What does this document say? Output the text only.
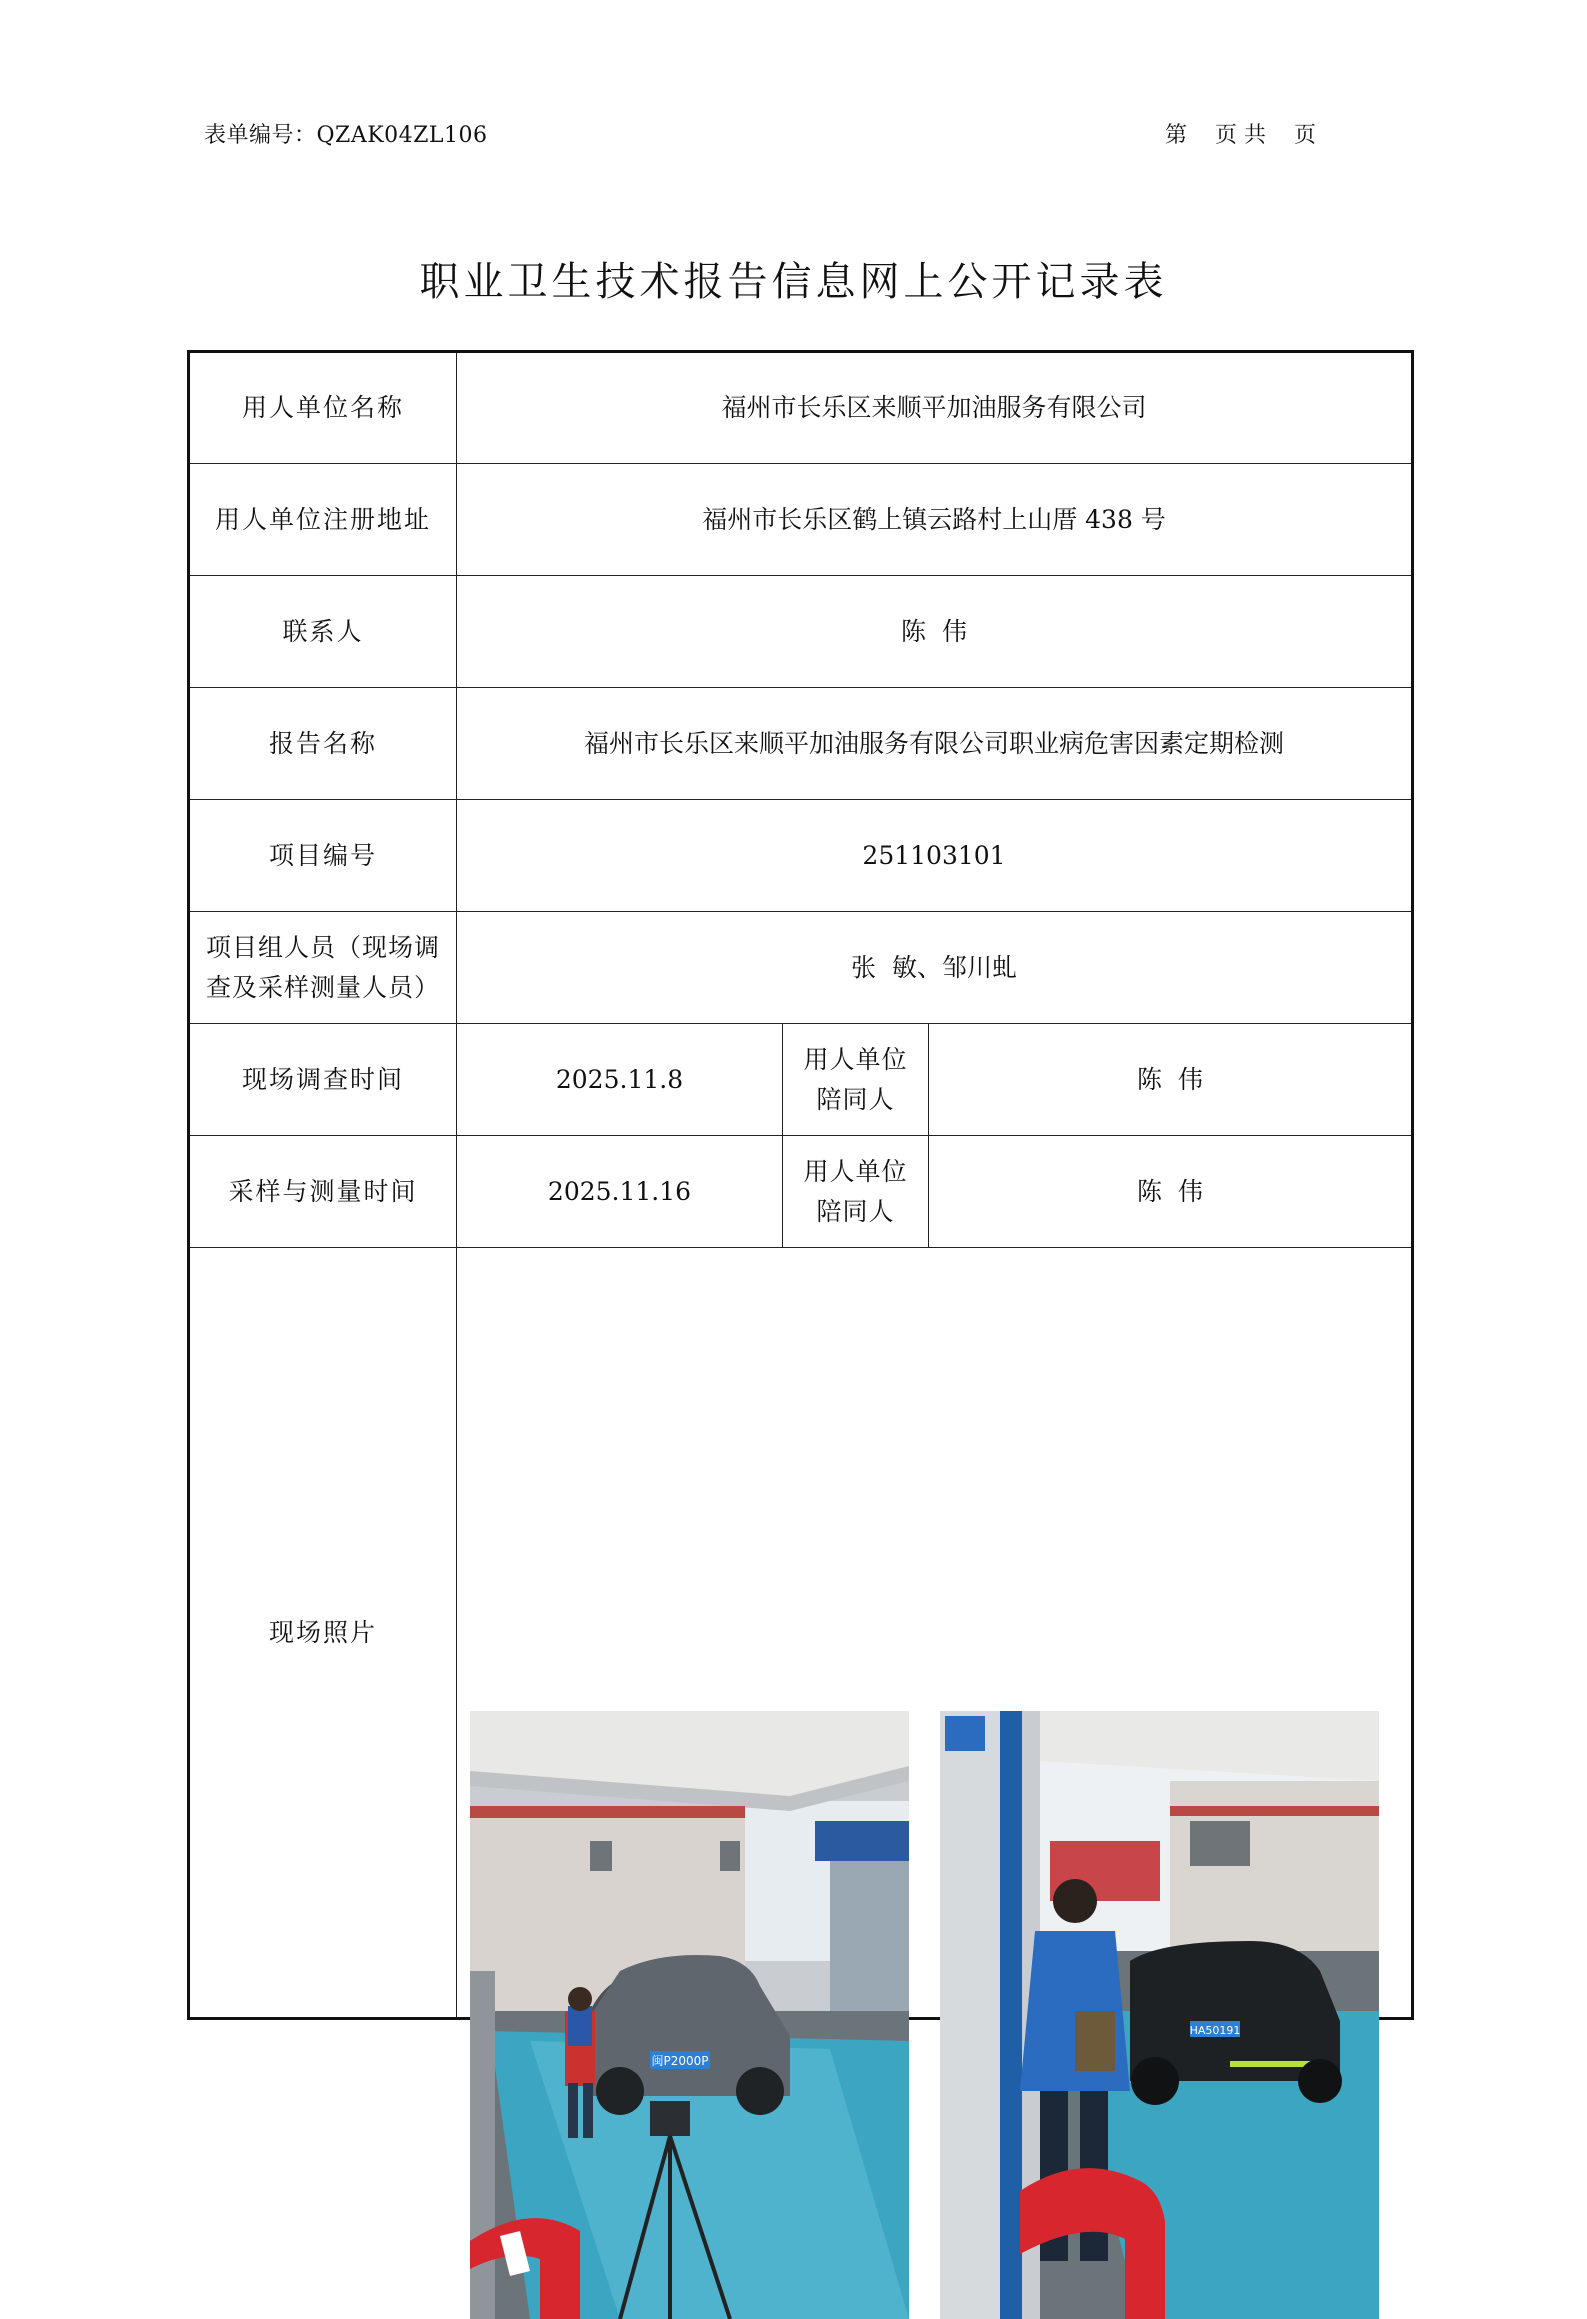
表单编号：QZAK04ZL106	第    页 共    页
职业卫生技术报告信息网上公开记录表
用人单位名称	福州市长乐区来顺平加油服务有限公司		
用人单位注册地址	福州市长乐区鹤上镇云路村上山厝 438 号		
联系人	陈  伟		
报告名称	福州市长乐区来顺平加油服务有限公司职业病危害因素定期检测		
项目编号	251103101		

项目组人员（现场调
查及采样测量人员）	张  敏、邹川虬		
现场调查时间	2025.11.8	用人单位
陪同人	陈  伟
采样与测量时间	2025.11.16	用人单位
陪同人	陈  伟
现场照片	闽P2000P
HA50191		
